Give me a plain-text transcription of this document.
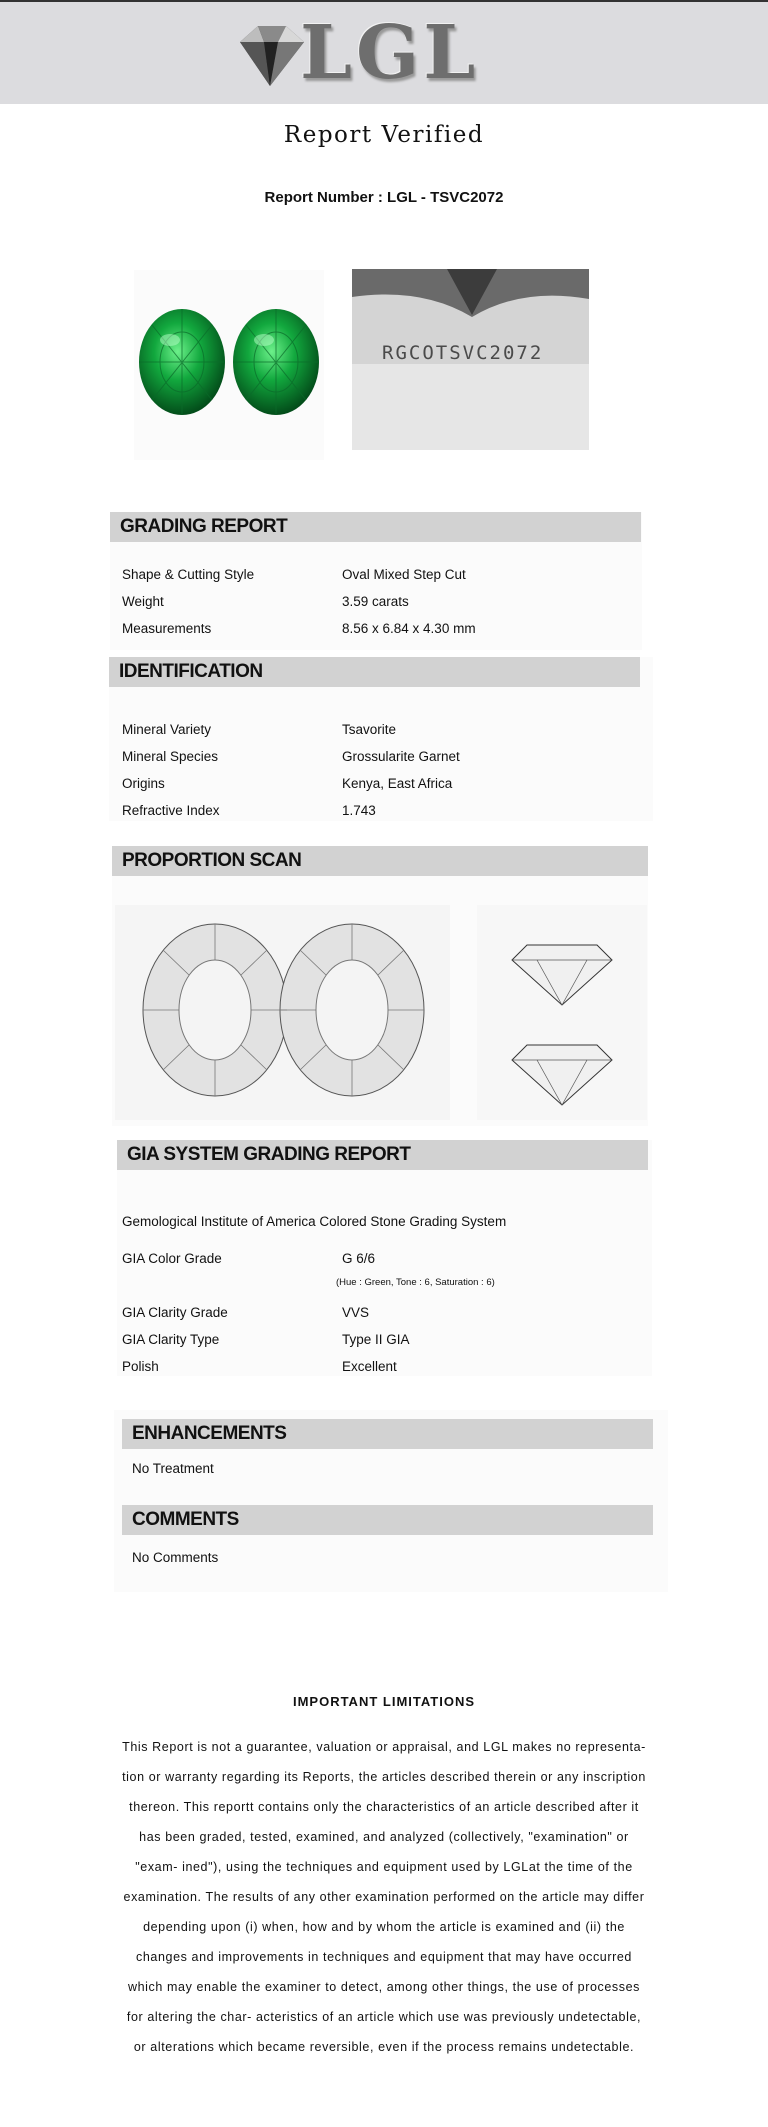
LGL
Report Verified
Report Number : LGL - TSVC2072
RGCOTSVC2072
GRADING REPORT
Shape & Cutting Style	Oval Mixed Step Cut
Weight	3.59 carats
Measurements	8.56 x 6.84 x 4.30 mm
IDENTIFICATION
Mineral Variety	Tsavorite
Mineral Species	Grossularite Garnet
Origins	Kenya, East Africa
Refractive Index	1.743
PROPORTION SCAN
GIA SYSTEM GRADING REPORT
Gemological Institute of America Colored Stone Grading System
GIA Color Grade	G 6/6
(Hue : Green, Tone : 6, Saturation : 6)
GIA Clarity Grade	VVS
GIA Clarity Type	Type II GIA
Polish	Excellent
ENHANCEMENTS
No Treatment
COMMENTS
No Comments
IMPORTANT LIMITATIONS
This Report is not a guarantee, valuation or appraisal, and LGL makes no representa- tion or warranty regarding its Reports, the articles described therein or any inscription thereon. This reportt contains only the characteristics of an article described after it has been graded, tested, examined, and analyzed (collectively, "examination" or "exam- ined"), using the techniques and equipment used by LGLat the time of the examination. The results of any other examination performed on the article may differ depending upon (i) when, how and by whom the article is examined and (ii) the changes and improvements in techniques and equipment that may have occurred which may enable the examiner to detect, among other things, the use of processes for altering the char- acteristics of an article which use was previously undetectable, or alterations which became reversible, even if the process remains undetectable.
